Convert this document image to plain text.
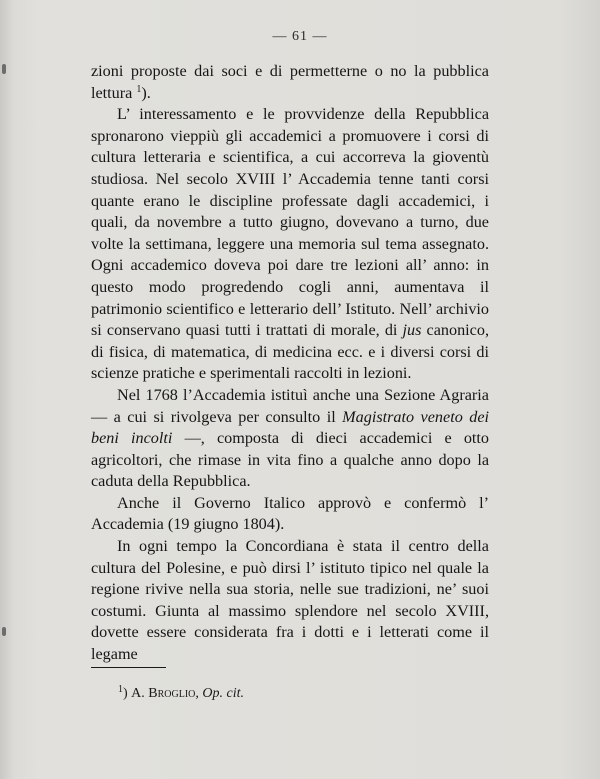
— 61 —

zioni proposte dai soci e di permetterne o no la pubblica lettura $^1$).

L’ interessamento e le provvidenze della Repubblica spronarono vieppiù gli accademici a promuovere i corsi di cultura letteraria e scientifica, a cui accorreva la gioventù studiosa. Nel secolo XVIII l’ Accademia tenne tanti corsi quante erano le discipline professate dagli accademici, i quali, da novembre a tutto giugno, dovevano a turno, due volte la settimana, leggere una memoria sul tema assegnato. Ogni accademico doveva poi dare tre lezioni all’ anno: in questo modo progredendo cogli anni, aumentava il patrimonio scientifico e letterario dell’ Istituto. Nell’ archivio si conservano quasi tutti i trattati di morale, di jus canonico, di fisica, di matematica, di medicina ecc. e i diversi corsi di scienze pratiche e sperimentali raccolti in lezioni.

Nel 1768 l’Accademia istituì anche una Sezione Agraria — a cui si rivolgeva per consulto il Magistrato veneto dei beni incolti —, composta di dieci accademici e otto agricoltori, che rimase in vita fino a qualche anno dopo la caduta della Repubblica.

Anche il Governo Italico approvò e confermò l’ Accademia (19 giugno 1804).

In ogni tempo la Concordiana è stata il centro della cultura del Polesine, e può dirsi l’ istituto tipico nel quale la regione rivive nella sua storia, nelle sue tradizioni, ne’ suoi costumi. Giunta al massimo splendore nel secolo XVIII, dovette essere considerata fra i dotti e i letterati come il legame

$^1$) A. Broglio, Op. cit.
